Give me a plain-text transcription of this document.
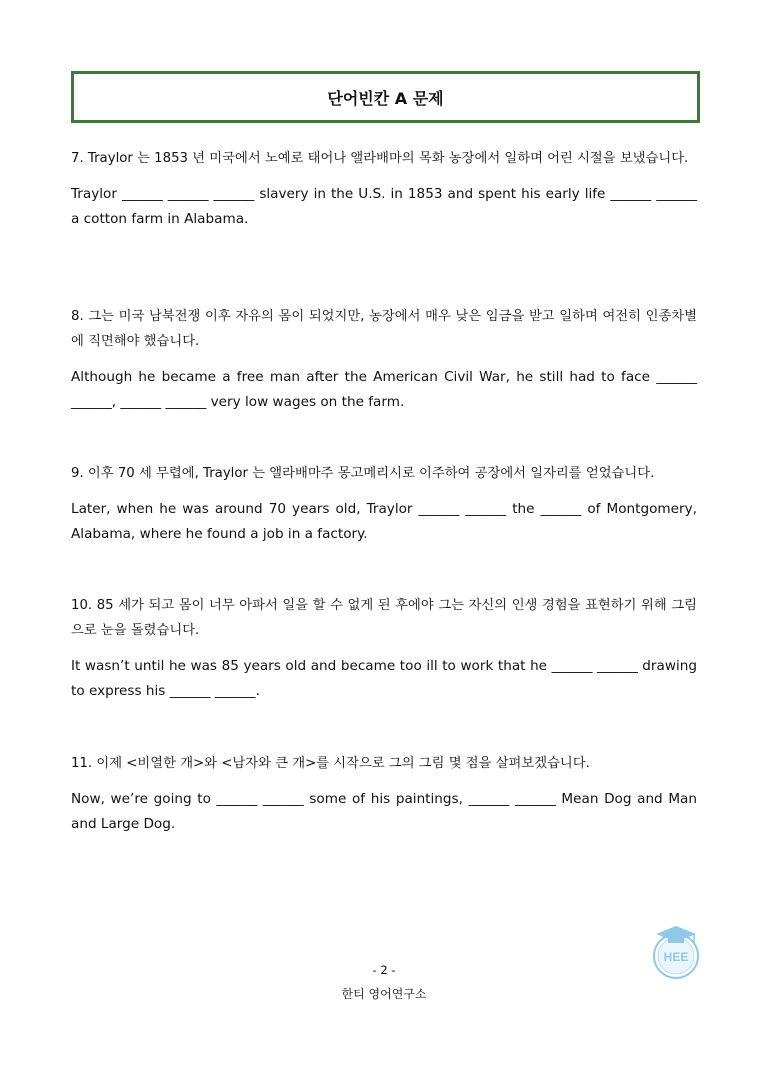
단어빈칸 A 문제
7. Traylor 는 1853 년 미국에서 노예로 태어나 앨라배마의 목화 농장에서 일하며 어린 시절을 보냈습니다.
Traylor ______ ______ ______ slavery in the U.S. in 1853 and spent his early life ______ ______ a cotton farm in Alabama.
8. 그는 미국 남북전쟁 이후 자유의 몸이 되었지만, 농장에서 매우 낮은 임금을 받고 일하며 여전히 인종차별에 직면해야 했습니다.
Although he became a free man after the American Civil War, he still had to face ______ ______, ______ ______ very low wages on the farm.
9. 이후 70 세 무렵에, Traylor 는 앨라배마주 몽고메리시로 이주하여 공장에서 일자리를 얻었습니다.
Later, when he was around 70 years old, Traylor ______ ______ the ______ of Montgomery, Alabama, where he found a job in a factory.
10. 85 세가 되고 몸이 너무 아파서 일을 할 수 없게 된 후에야 그는 자신의 인생 경험을 표현하기 위해 그림으로 눈을 돌렸습니다.
It wasn’t until he was 85 years old and became too ill to work that he ______ ______ drawing to express his ______ ______.
11. 이제 <비열한 개>와 <남자와 큰 개>를 시작으로 그의 그림 몇 점을 살펴보겠습니다.
Now, we’re going to ______ ______ some of his paintings, ______ ______ Mean Dog and Man and Large Dog.
HEE
- 2 -
한티 영어연구소
